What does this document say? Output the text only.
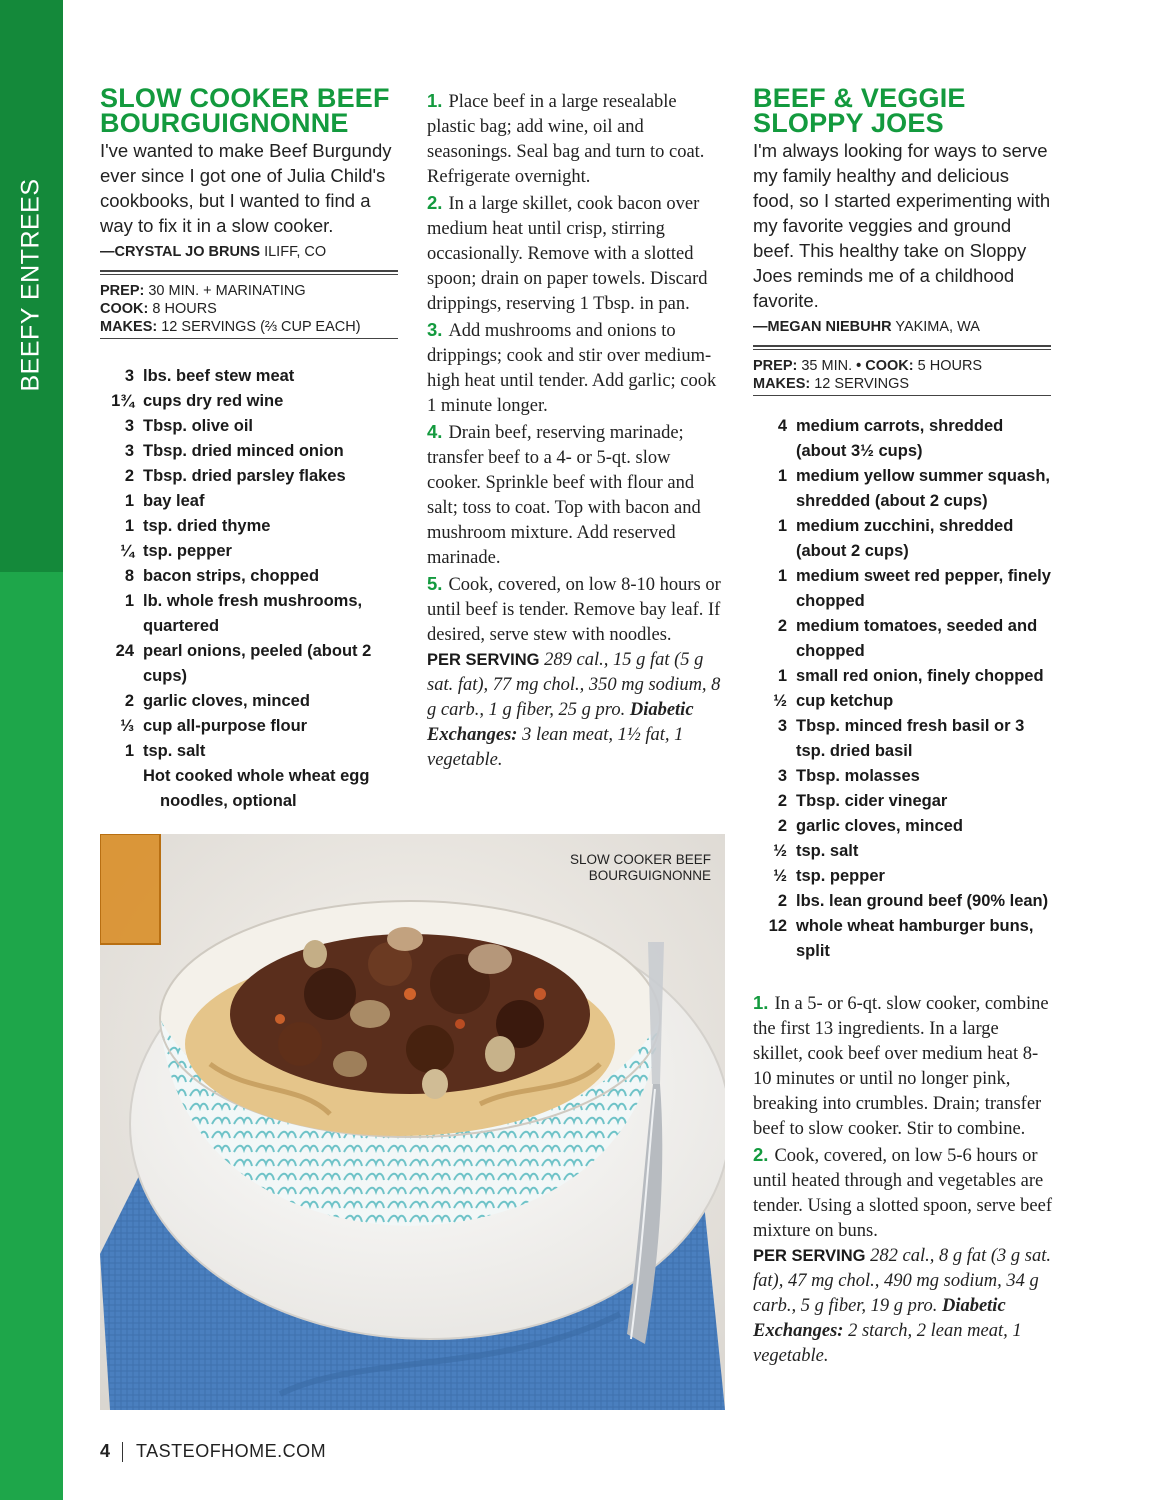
BEEFY ENTREES
SLOW COOKER BEEF
BOURGUIGNONNE
I've wanted to make Beef Burgundy ever since I got one of Julia Child's cookbooks, but I wanted to find a way to fix it in a slow cooker.
—CRYSTAL JO BRUNS ILIFF, CO
PREP: 30 MIN. + MARINATING
COOK: 8 HOURS
MAKES: 12 SERVINGS (⅔ CUP EACH)
3 lbs. beef stew meat
1¾ cups dry red wine
3 Tbsp. olive oil
3 Tbsp. dried minced onion
2 Tbsp. dried parsley flakes
1 bay leaf
1 tsp. dried thyme
¼ tsp. pepper
8 bacon strips, chopped
1 lb. whole fresh mushrooms, quartered
24 pearl onions, peeled (about 2 cups)
2 garlic cloves, minced
⅓ cup all-purpose flour
1 tsp. salt
Hot cooked whole wheat egg noodles, optional

1. Place beef in a large resealable plastic bag; add wine, oil and seasonings. Seal bag and turn to coat. Refrigerate overnight.

2. In a large skillet, cook bacon over medium heat until crisp, stirring occasionally. Remove with a slotted spoon; drain on paper towels. Discard drippings, reserving 1 Tbsp. in pan.

3. Add mushrooms and onions to drippings; cook and stir over medium-high heat until tender. Add garlic; cook 1 minute longer.

4. Drain beef, reserving marinade; transfer beef to a 4- or 5-qt. slow cooker. Sprinkle beef with flour and salt; toss to coat. Top with bacon and mushroom mixture. Add reserved marinade.

5. Cook, covered, on low 8-10 hours or until beef is tender. Remove bay leaf. If desired, serve stew with noodles.

PER SERVING 289 cal., 15 g fat (5 g sat. fat), 77 mg chol., 350 mg sodium, 8 g carb., 1 g fiber, 25 g pro. Diabetic Exchanges: 3 lean meat, 1½ fat, 1 vegetable.

SLOW COOKER BEEF
BOURGUIGNONNE
BEEF & VEGGIE
SLOPPY JOES
I'm always looking for ways to serve my family healthy and delicious food, so I started experimenting with my favorite veggies and ground beef. This healthy take on Sloppy Joes reminds me of a childhood favorite.
—MEGAN NIEBUHR YAKIMA, WA
PREP: 35 MIN. • COOK: 5 HOURS
MAKES: 12 SERVINGS
4 medium carrots, shredded (about 3½ cups)
1 medium yellow summer squash, shredded (about 2 cups)
1 medium zucchini, shredded (about 2 cups)
1 medium sweet red pepper, finely chopped
2 medium tomatoes, seeded and chopped
1 small red onion, finely chopped
½ cup ketchup
3 Tbsp. minced fresh basil or 3 tsp. dried basil
3 Tbsp. molasses
2 Tbsp. cider vinegar
2 garlic cloves, minced
½ tsp. salt
½ tsp. pepper
2 lbs. lean ground beef (90% lean)
12 whole wheat hamburger buns, split

1. In a 5- or 6-qt. slow cooker, combine the first 13 ingredients. In a large skillet, cook beef over medium heat 8-10 minutes or until no longer pink, breaking into crumbles. Drain; transfer beef to slow cooker. Stir to combine.

2. Cook, covered, on low 5-6 hours or until heated through and vegetables are tender. Using a slotted spoon, serve beef mixture on buns.

PER SERVING 282 cal., 8 g fat (3 g sat. fat), 47 mg chol., 490 mg sodium, 34 g carb., 5 g fiber, 19 g pro. Diabetic Exchanges: 2 starch, 2 lean meat, 1 vegetable.

4 TASTEOFHOME.COM
